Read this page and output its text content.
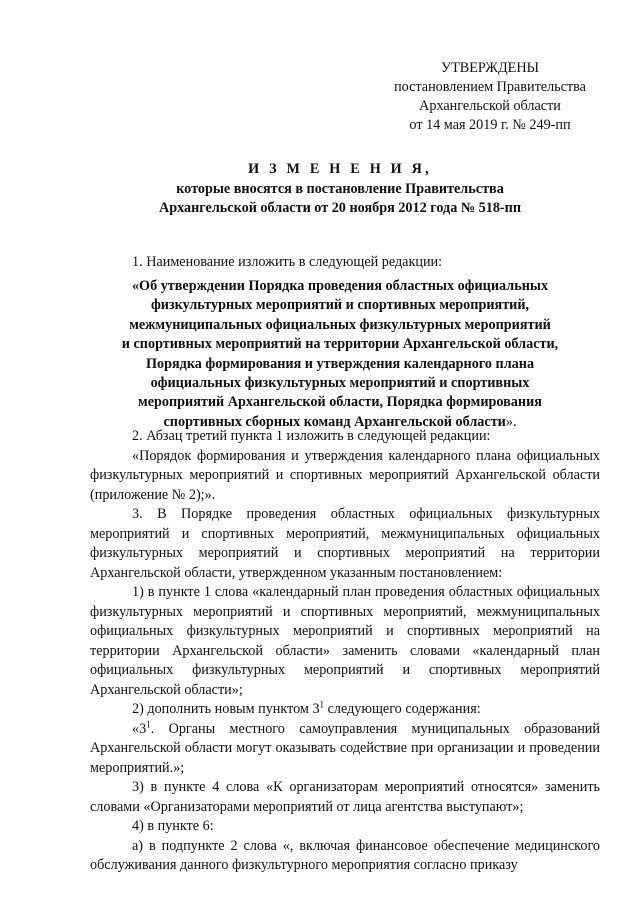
УТВЕРЖДЕНЫ
постановлением Правительства
Архангельской области
от 14 мая 2019 г. № 249-пп
И З М Е Н Е Н И Я,
которые вносятся в постановление Правительства
Архангельской области от 20 ноября 2012 года № 518-пп
1. Наименование изложить в следующей редакции:
«Об утверждении Порядка проведения областных официальных
физкультурных мероприятий и спортивных мероприятий,
межмуниципальных официальных физкультурных мероприятий
и спортивных мероприятий на территории Архангельской области,
Порядка формирования и утверждения календарного плана
официальных физкультурных мероприятий и спортивных
мероприятий Архангельской области, Порядка формирования
спортивных сборных команд Архангельской области».

2. Абзац третий пункта 1 изложить в следующей редакции:

«Порядок формирования и утверждения календарного плана официальных физкультурных мероприятий и спортивных мероприятий Архангельской области (приложение № 2);».

3. В Порядке проведения областных официальных физкультурных мероприятий и спортивных мероприятий, межмуниципальных официальных физкультурных мероприятий и спортивных мероприятий на территории Архангельской области, утвержденном указанным постановлением:

1) в пункте 1 слова «календарный план проведения областных официальных физкультурных мероприятий и спортивных мероприятий, межмуниципальных официальных физкультурных мероприятий и спортивных мероприятий на территории Архангельской области» заменить словами «календарный план официальных физкультурных мероприятий и спортивных мероприятий Архангельской области»;

2) дополнить новым пунктом $3^1$ следующего содержания:

«$3^1$. Органы местного самоуправления муниципальных образований Архангельской области могут оказывать содействие при организации и проведении мероприятий.»;

3) в пункте 4 слова «К организаторам мероприятий относятся» заменить словами «Организаторами мероприятий от лица агентства выступают»;

4) в пункте 6:

а) в подпункте 2 слова «, включая финансовое обеспечение медицинского обслуживания данного физкультурного мероприятия согласно приказу
